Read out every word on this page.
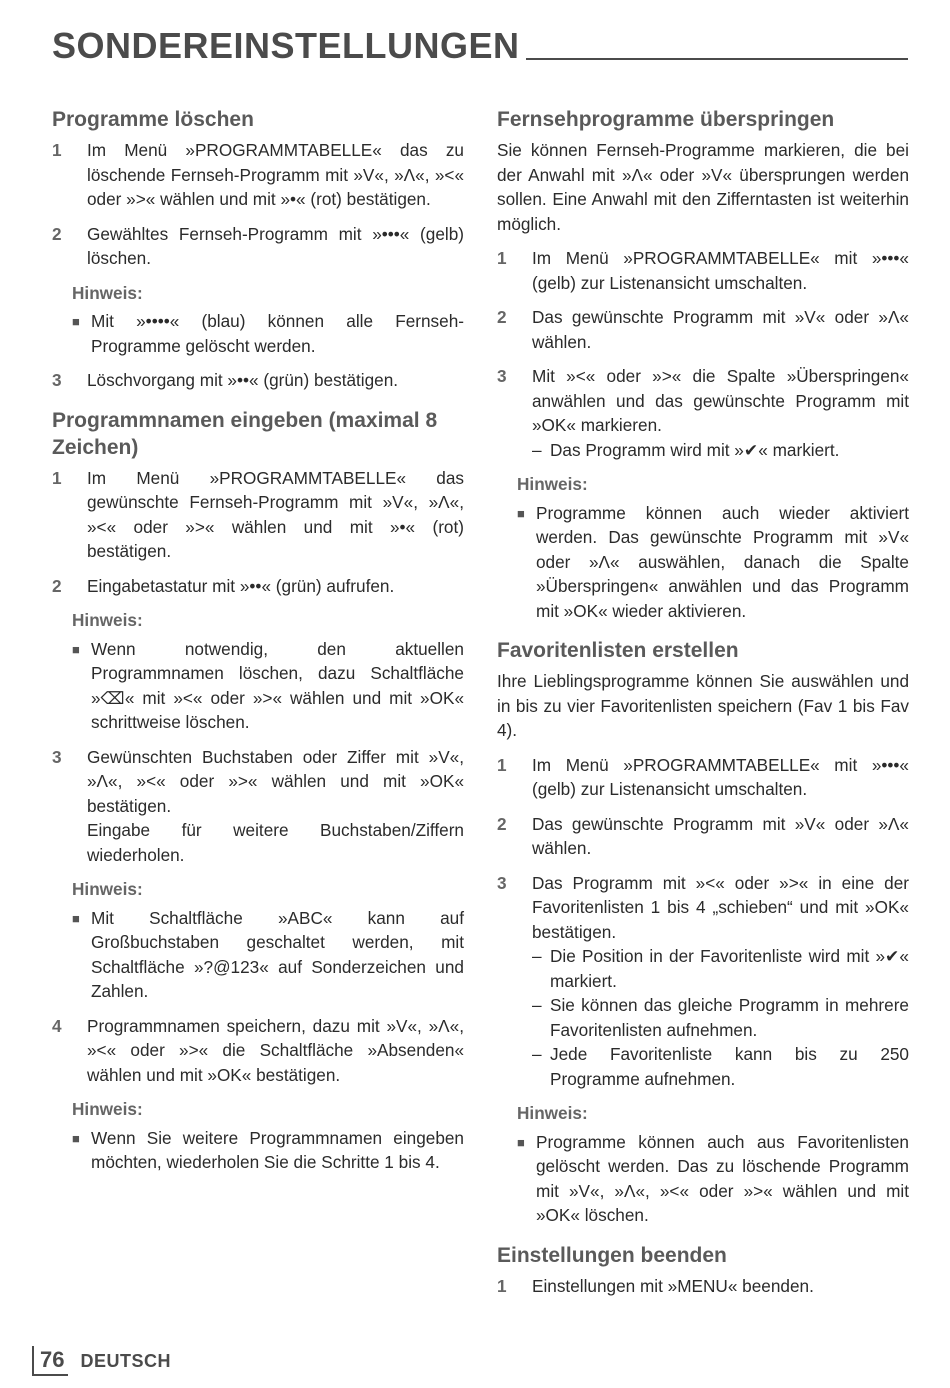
SONDEREINSTELLUNGEN
Programme löschen
1	Im Menü »PROGRAMMTABELLE« das zu löschende Fernseh-Programm mit »V«, »Λ«, »<« oder »>« wählen und mit »•« (rot) bestätigen.
2	Gewähltes Fernseh-Programm mit »•••« (gelb) löschen.
Hinweis:
■ Mit »••••« (blau) können alle Fernseh-Programme gelöscht werden.
3	Löschvorgang mit »••« (grün) bestätigen.
Programmnamen eingeben (maximal 8 Zeichen)
1	Im Menü »PROGRAMMTABELLE« das gewünschte Fernseh-Programm mit »V«, »Λ«, »<« oder »>« wählen und mit »•« (rot) bestätigen.
2	Eingabetastatur mit »••« (grün) aufrufen.
Hinweis:
■ Wenn notwendig, den aktuellen Programmnamen löschen, dazu Schaltfläche »⌫« mit »<« oder »>« wählen und mit »OK« schrittweise löschen.
3	Gewünschten Buchstaben oder Ziffer mit »V«, »Λ«, »<« oder »>« wählen und mit »OK« bestätigen.
Eingabe für weitere Buchstaben/Ziffern wiederholen.
Hinweis:
■ Mit Schaltfläche »ABC« kann auf Großbuchstaben geschaltet werden, mit Schaltfläche »?@123« auf Sonderzeichen und Zahlen.
4	Programmnamen speichern, dazu mit »V«, »Λ«, »<« oder »>« die Schaltfläche »Absenden« wählen und mit »OK« bestätigen.
Hinweis:
■ Wenn Sie weitere Programmnamen eingeben möchten, wiederholen Sie die Schritte 1 bis 4.
Fernsehprogramme überspringen

Sie können Fernseh-Programme markieren, die bei der Anwahl mit »Λ« oder »V« übersprungen werden sollen. Eine Anwahl mit den Zifferntasten ist weiterhin möglich.

1	Im Menü »PROGRAMMTABELLE« mit »•••« (gelb) zur Listenansicht umschalten.
2	Das gewünschte Programm mit »V« oder »Λ« wählen.
3	Mit »<« oder »>« die Spalte »Überspringen« anwählen und das gewünschte Programm mit »OK« markieren.
– Das Programm wird mit »✔« markiert.
Hinweis:
■ Programme können auch wieder aktiviert werden. Das gewünschte Programm mit »V« oder »Λ« auswählen, danach die Spalte »Überspringen« anwählen und das Programm mit »OK« wieder aktivieren.
Favoritenlisten erstellen

Ihre Lieblingsprogramme können Sie auswählen und in bis zu vier Favoritenlisten speichern (Fav 1 bis Fav 4).

1	Im Menü »PROGRAMMTABELLE« mit »•••« (gelb) zur Listenansicht umschalten.
2	Das gewünschte Programm mit »V« oder »Λ« wählen.
3	Das Programm mit »<« oder »>« in eine der Favoritenlisten 1 bis 4 „schieben“ und mit »OK« bestätigen.
– Die Position in der Favoritenliste wird mit »✔« markiert.
– Sie können das gleiche Programm in mehrere Favoritenlisten aufnehmen.
– Jede Favoritenliste kann bis zu 250 Programme aufnehmen.
Hinweis:
■ Programme können auch aus Favoritenlisten gelöscht werden. Das zu löschende Programm mit »V«, »Λ«, »<« oder »>« wählen und mit »OK« löschen.
Einstellungen beenden
1	Einstellungen mit »MENU« beenden.
76 DEUTSCH
